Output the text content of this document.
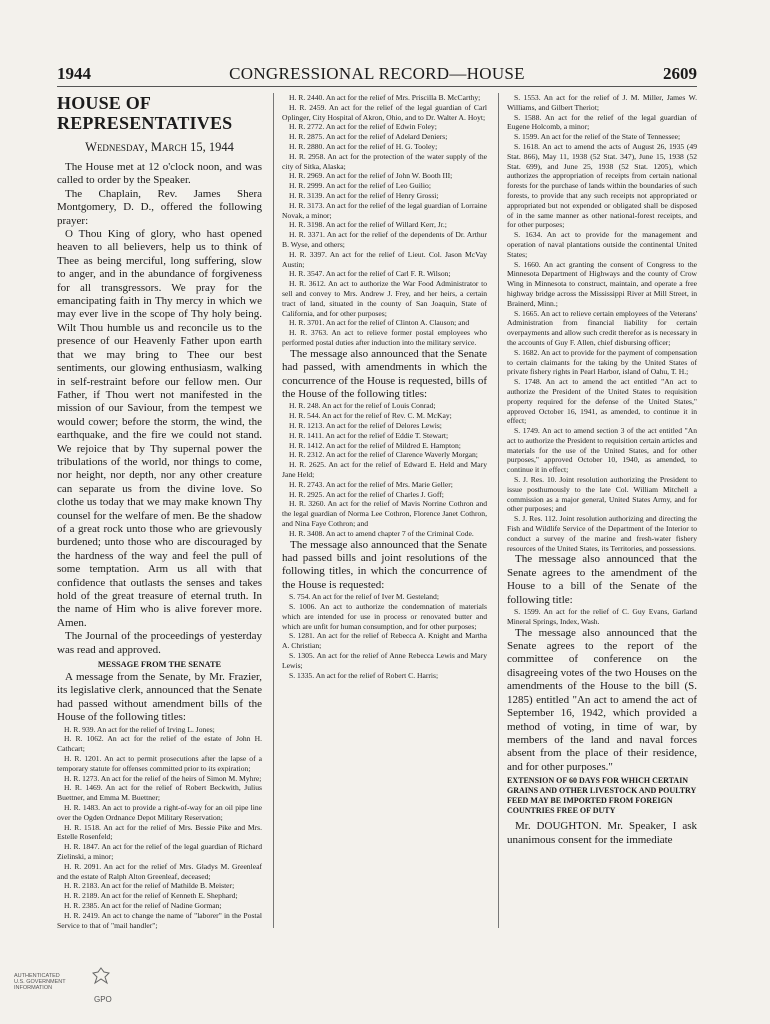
1944	CONGRESSIONAL RECORD—HOUSE	2609
HOUSE OF REPRESENTATIVES
Wednesday, March 15, 1944

The House met at 12 o'clock noon, and was called to order by the Speaker.

The Chaplain, Rev. James Shera Montgomery, D. D., offered the following prayer:

O Thou King of glory, who hast opened heaven to all believers, help us to think of Thee as being merciful, long suffering, slow to anger, and in the abundance of forgiveness for all transgressors. We pray for the emancipating faith in Thy mercy in which we may ever live in the scope of Thy holy being. Wilt Thou humble us and reconcile us to the presence of our Heavenly Father upon earth that we may bring to Thee our best sentiments, our glowing enthusiasm, walking in self-restraint before our fellow men. Our Father, if Thou wert not manifested in the mission of our Saviour, from the tempest we would cower; before the storm, the wind, the earthquake, and the fire we could not stand. We rejoice that by Thy supernal power the tribulations of the world, nor things to come, nor height, nor depth, nor any other creature can separate us from the divine love. So clothe us today that we may make known Thy counsel for the welfare of men. Be the shadow of a great rock unto those who are grievously burdened; unto those who are discouraged by the hardness of the way and feel the pull of some temptation. Arm us all with that confidence that outlasts the senses and takes hold of the great treasure of eternal truth. In the name of Him who is alive forever more. Amen.

The Journal of the proceedings of yesterday was read and approved.

MESSAGE FROM THE SENATE

A message from the Senate, by Mr. Frazier, its legislative clerk, announced that the Senate had passed without amendment bills of the House of the following titles:

H. R. 939. An act for the relief of Irving L. Jones;

H. R. 1062. An act for the relief of the estate of John H. Cathcart;

H. R. 1201. An act to permit prosecutions after the lapse of a temporary statute for offenses committed prior to its expiration;

H. R. 1273. An act for the relief of the heirs of Simon M. Myhre;

H. R. 1469. An act for the relief of Robert Beckwith, Julius Buettner, and Emma M. Buettner;

H. R. 1483. An act to provide a right-of-way for an oil pipe line over the Ogden Ordnance Depot Military Reservation;

H. R. 1518. An act for the relief of Mrs. Bessie Pike and Mrs. Estelle Rosenfeld;

H. R. 1847. An act for the relief of the legal guardian of Richard Zielinski, a minor;

H. R. 2091. An act for the relief of Mrs. Gladys M. Greenleaf and the estate of Ralph Alton Greenleaf, deceased;

H. R. 2183. An act for the relief of Mathilde B. Meister;

H. R. 2189. An act for the relief of Kenneth E. Shephard;

H. R. 2385. An act for the relief of Nadine Gorman;

H. R. 2419. An act to change the name of "laborer" in the Postal Service to that of "mail handler";

H. R. 2440. An act for the relief of Mrs. Priscilla B. McCarthy;

H. R. 2459. An act for the relief of the legal guardian of Carl Oplinger, City Hospital of Akron, Ohio, and to Dr. Walter A. Hoyt;

H. R. 2772. An act for the relief of Edwin Foley;

H. R. 2875. An act for the relief of Adelard Deniers;

H. R. 2880. An act for the relief of H. G. Tooley;

H. R. 2958. An act for the protection of the water supply of the city of Sitka, Alaska;

H. R. 2969. An act for the relief of John W. Booth III;

H. R. 2999. An act for the relief of Leo Guilio;

H. R. 3139. An act for the relief of Henry Grossi;

H. R. 3173. An act for the relief of the legal guardian of Lorraine Novak, a minor;

H. R. 3198. An act for the relief of Willard Kerr, Jr.;

H. R. 3371. An act for the relief of the dependents of Dr. Arthur B. Wyse, and others;

H. R. 3397. An act for the relief of Lieut. Col. Jason McVay Austin;

H. R. 3547. An act for the relief of Carl F. R. Wilson;

H. R. 3612. An act to authorize the War Food Administrator to sell and convey to Mrs. Andrew J. Frey, and her heirs, a certain tract of land, situated in the county of San Joaquin, State of California, and for other purposes;

H. R. 3701. An act for the relief of Clinton A. Clauson; and

H. R. 3763. An act to relieve former postal employees who performed postal duties after induction into the military service.

The message also announced that the Senate had passed, with amendments in which the concurrence of the House is requested, bills of the House of the following titles:

H. R. 248. An act for the relief of Louis Conrad;

H. R. 544. An act for the relief of Rev. C. M. McKay;

H. R. 1213. An act for the relief of Delores Lewis;

H. R. 1411. An act for the relief of Eddie T. Stewart;

H. R. 1412. An act for the relief of Mildred E. Hampton;

H. R. 2312. An act for the relief of Clarence Waverly Morgan;

H. R. 2625. An act for the relief of Edward E. Held and Mary Jane Held;

H. R. 2743. An act for the relief of Mrs. Marie Geller;

H. R. 2925. An act for the relief of Charles J. Goff;

H. R. 3260. An act for the relief of Mavis Norrine Cothron and the legal guardian of Norma Lee Cothron, Florence Janet Cothron, and Nina Faye Cothron; and

H. R. 3408. An act to amend chapter 7 of the Criminal Code.

The message also announced that the Senate had passed bills and joint resolutions of the following titles, in which the concurrence of the House is requested:

S. 754. An act for the relief of Iver M. Gesteland;

S. 1006. An act to authorize the condemnation of materials which are intended for use in process or renovated butter and which are unfit for human consumption, and for other purposes;

S. 1281. An act for the relief of Rebecca A. Knight and Martha A. Christian;

S. 1305. An act for the relief of Anne Rebecca Lewis and Mary Lewis;

S. 1335. An act for the relief of Robert C. Harris;

S. 1553. An act for the relief of J. M. Miller, James W. Williams, and Gilbert Theriot;

S. 1588. An act for the relief of the legal guardian of Eugene Holcomb, a minor;

S. 1599. An act for the relief of the State of Tennessee;

S. 1618. An act to amend the acts of August 26, 1935 (49 Stat. 866), May 11, 1938 (52 Stat. 347), June 15, 1938 (52 Stat. 699), and June 25, 1938 (52 Stat. 1205), which authorizes the appropriation of receipts from certain national forests for the purchase of lands within the boundaries of such forests, to provide that any such receipts not appropriated or appropriated but not expended or obligated shall be disposed of in the same manner as other national-forest receipts, and for other purposes;

S. 1634. An act to provide for the management and operation of naval plantations outside the continental United States;

S. 1660. An act granting the consent of Congress to the Minnesota Department of Highways and the county of Crow Wing in Minnesota to construct, maintain, and operate a free highway bridge across the Mississippi River at Mill Street, in Brainerd, Minn.;

S. 1665. An act to relieve certain employees of the Veterans' Administration from financial liability for certain overpayments and allow such credit therefor as is necessary in the accounts of Guy F. Allen, chief disbursing officer;

S. 1682. An act to provide for the payment of compensation to certain claimants for the taking by the United States of private fishery rights in Pearl Harbor, island of Oahu, T. H.;

S. 1748. An act to amend the act entitled "An act to authorize the President of the United States to requisition property required for the defense of the United States," approved October 16, 1941, as amended, to continue it in effect;

S. 1749. An act to amend section 3 of the act entitled "An act to authorize the President to requisition certain articles and materials for the use of the United States, and for other purposes," approved October 10, 1940, as amended, to continue it in effect;

S. J. Res. 10. Joint resolution authorizing the President to issue posthumously to the late Col. William Mitchell a commission as a major general, United States Army, and for other purposes; and

S. J. Res. 112. Joint resolution authorizing and directing the Fish and Wildlife Service of the Department of the Interior to conduct a survey of the marine and fresh-water fishery resources of the United States, its Territories, and possessions.

The message also announced that the Senate agrees to the amendment of the House to a bill of the Senate of the following title:

S. 1599. An act for the relief of C. Guy Evans, Garland Mineral Springs, Index, Wash.

The message also announced that the Senate agrees to the report of the committee of conference on the disagreeing votes of the two Houses on the amendments of the House to the bill (S. 1285) entitled "An act to amend the act of September 16, 1942, which provided a method of voting, in time of war, by members of the land and naval forces absent from the place of their residence, and for other purposes."

EXTENSION OF 60 DAYS FOR WHICH CERTAIN GRAINS AND OTHER LIVESTOCK AND POULTRY FEED MAY BE IMPORTED FROM FOREIGN COUNTRIES FREE OF DUTY

Mr. DOUGHTON. Mr. Speaker, I ask unanimous consent for the immediate

AUTHENTICATED
U.S. GOVERNMENT
INFORMATION
GPO
